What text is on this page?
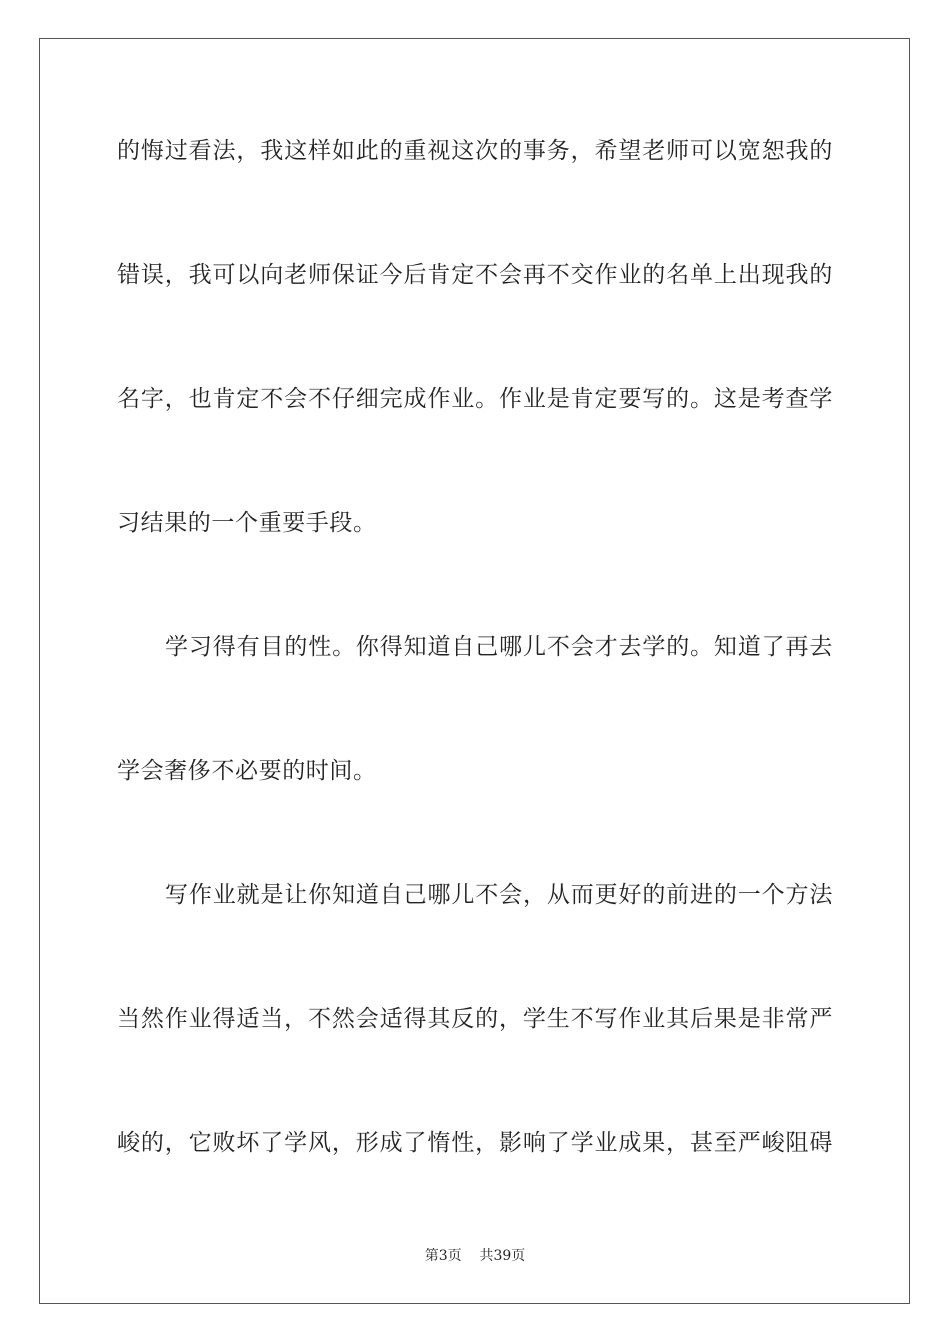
的悔过看法，我这样如此的重视这次的事务，希望老师可以宽恕我的
错误，我可以向老师保证今后肯定不会再不交作业的名单上出现我的
名字，也肯定不会不仔细完成作业。作业是肯定要写的。这是考查学
习结果的一个重要手段。
学习得有目的性。你得知道自己哪儿不会才去学的。知道了再去
学会奢侈不必要的时间。
写作业就是让你知道自己哪儿不会，从而更好的前进的一个方法
当然作业得适当，不然会适得其反的，学生不写作业其后果是非常严
峻的，它败坏了学风，形成了惰性，影响了学业成果，甚至严峻阻碍
第3页 共39页
